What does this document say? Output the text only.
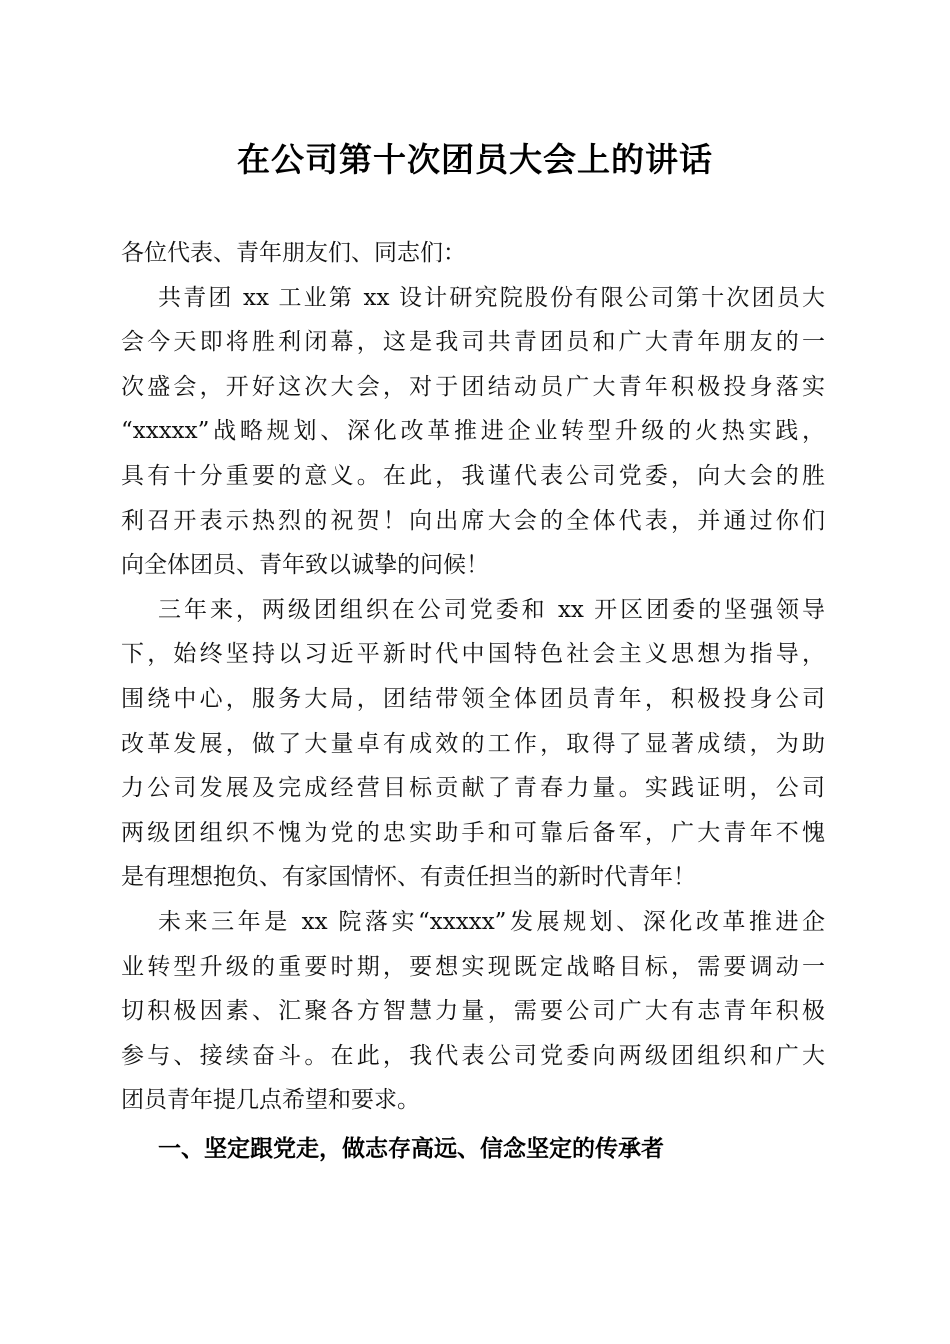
在公司第十次团员大会上的讲话
各位代表、青年朋友们、同志们：
共青团 xx 工业第 xx 设计研究院股份有限公司第十次团员大
会今天即将胜利闭幕，这是我司共青团员和广大青年朋友的一
次盛会，开好这次大会，对于团结动员广大青年积极投身落实
“xxxxx”战略规划、深化改革推进企业转型升级的火热实践，
具有十分重要的意义。在此，我谨代表公司党委，向大会的胜
利召开表示热烈的祝贺！向出席大会的全体代表，并通过你们
向全体团员、青年致以诚挚的问候！
三年来，两级团组织在公司党委和 xx 开区团委的坚强领导
下，始终坚持以习近平新时代中国特色社会主义思想为指导，
围绕中心，服务大局，团结带领全体团员青年，积极投身公司
改革发展，做了大量卓有成效的工作，取得了显著成绩，为助
力公司发展及完成经营目标贡献了青春力量。实践证明，公司
两级团组织不愧为党的忠实助手和可靠后备军，广大青年不愧
是有理想抱负、有家国情怀、有责任担当的新时代青年！
未来三年是 xx 院落实“xxxxx”发展规划、深化改革推进企
业转型升级的重要时期，要想实现既定战略目标，需要调动一
切积极因素、汇聚各方智慧力量，需要公司广大有志青年积极
参与、接续奋斗。在此，我代表公司党委向两级团组织和广大
团员青年提几点希望和要求。
一、坚定跟党走，做志存高远、信念坚定的传承者
